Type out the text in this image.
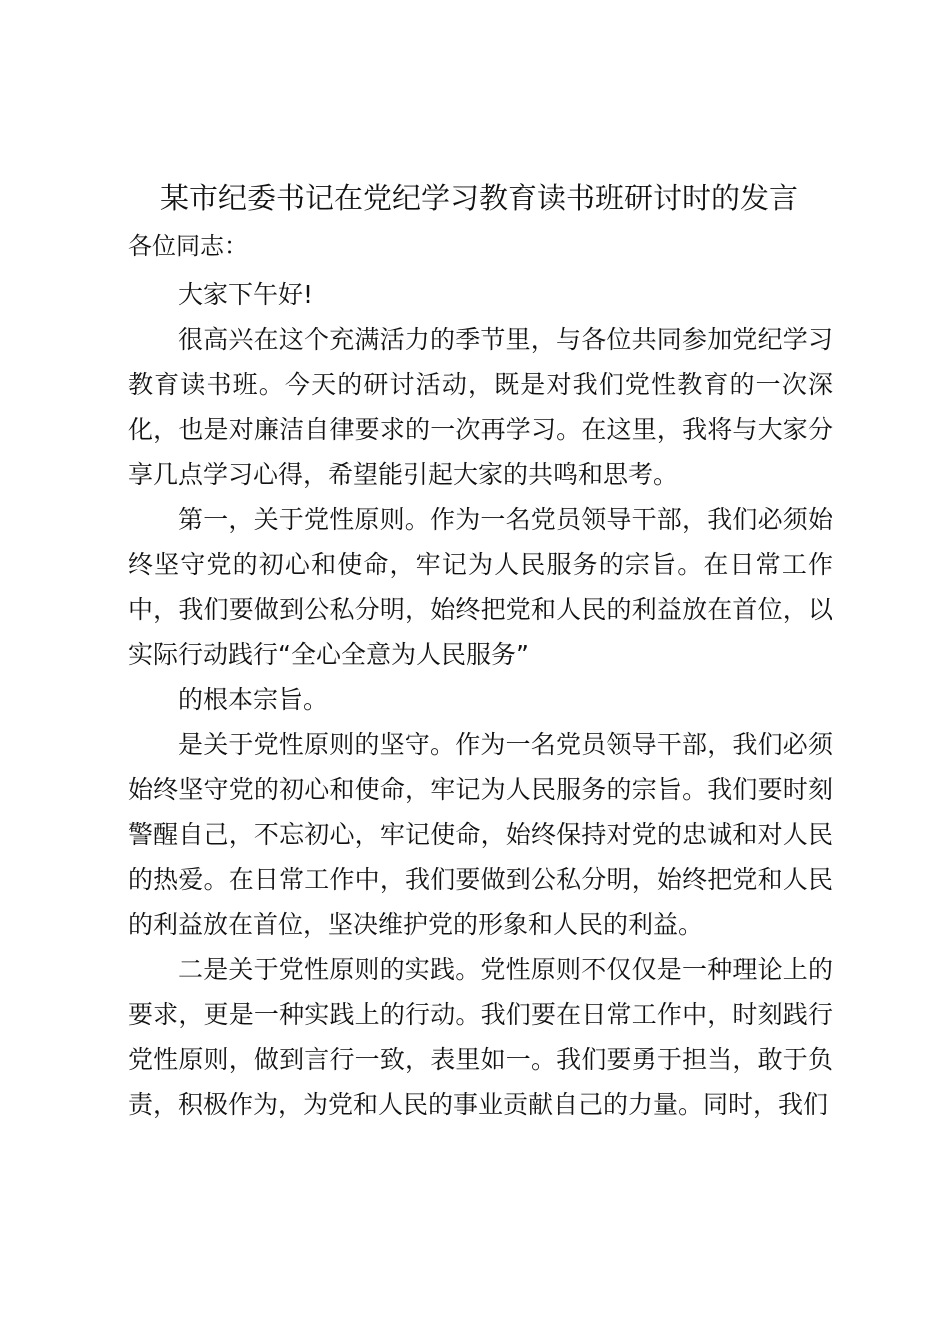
某市纪委书记在党纪学习教育读书班研讨时的发言

各位同志：

大家下午好!

很高兴在这个充满活力的季节里，与各位共同参加党纪学习教育读书班。今天的研讨活动，既是对我们党性教育的一次深化，也是对廉洁自律要求的一次再学习。在这里，我将与大家分享几点学习心得，希望能引起大家的共鸣和思考。

第一，关于党性原则。作为一名党员领导干部，我们必须始终坚守党的初心和使命，牢记为人民服务的宗旨。在日常工作中，我们要做到公私分明，始终把党和人民的利益放在首位，以实际行动践行“全心全意为人民服务”

的根本宗旨。

是关于党性原则的坚守。作为一名党员领导干部，我们必须始终坚守党的初心和使命，牢记为人民服务的宗旨。我们要时刻警醒自己，不忘初心，牢记使命，始终保持对党的忠诚和对人民的热爱。在日常工作中，我们要做到公私分明，始终把党和人民的利益放在首位，坚决维护党的形象和人民的利益。

二是关于党性原则的实践。党性原则不仅仅是一种理论上的要求，更是一种实践上的行动。我们要在日常工作中，时刻践行党性原则，做到言行一致，表里如一。我们要勇于担当，敢于负责，积极作为，为党和人民的事业贡献自己的力量。同时，我们
